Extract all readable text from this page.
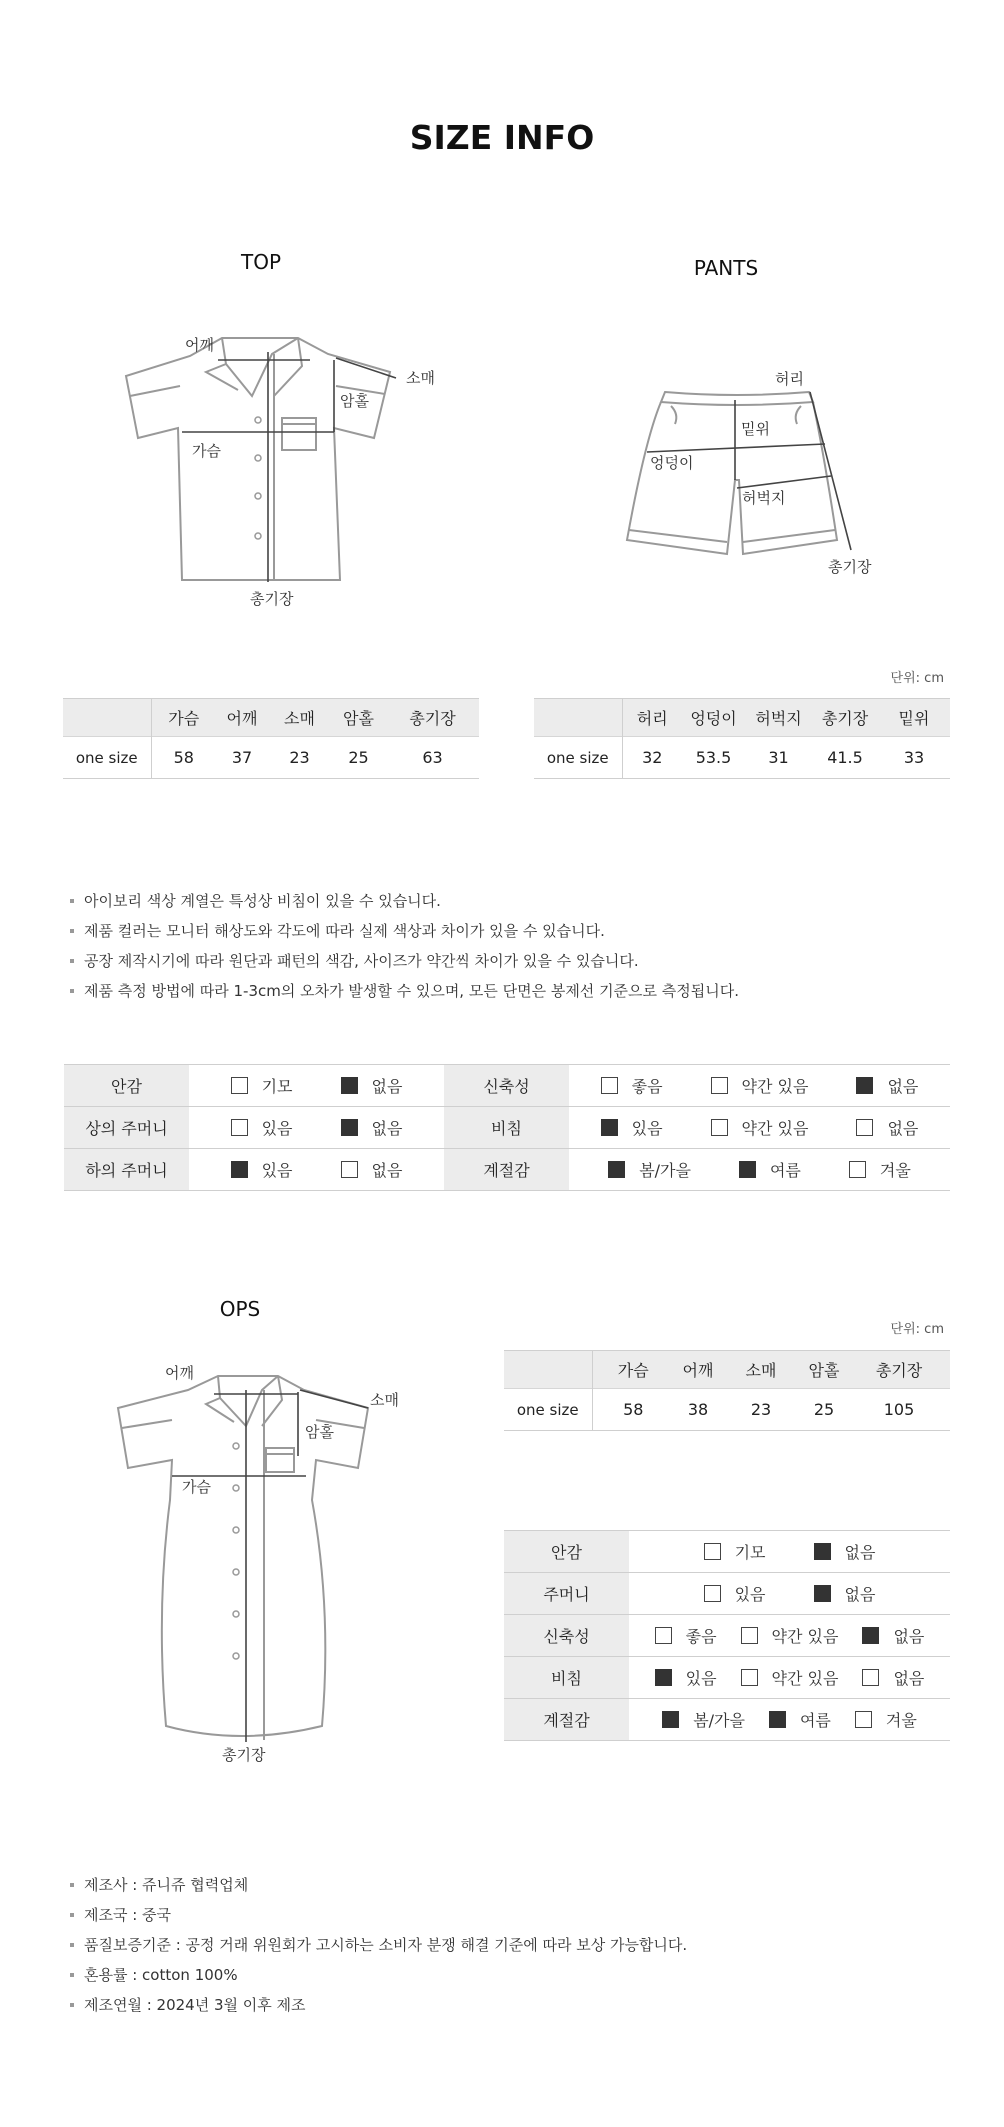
SIZE INFO
TOP	PANTS
어깨
소매
암홀
가슴
총기장
허리
밑위
엉덩이
허벅지
총기장
단위: cm
	가슴	어깨	소매	암홀	총기장
one size	58	37	23	25	63
	허리	엉덩이	허벅지	총기장	밑위
one size	32	53.5	31	41.5	33
아이보리 색상 계열은 특성상 비침이 있을 수 있습니다.
제품 컬러는 모니터 해상도와 각도에 따라 실제 색상과 차이가 있을 수 있습니다.
공장 제작시기에 따라 원단과 패턴의 색감, 사이즈가 약간씩 차이가 있을 수 있습니다.
제품 측정 방법에 따라 1-3cm의 오차가 발생할 수 있으며, 모든 단면은 봉제선 기준으로 측정됩니다.
안감	기모 없음	신축성	좋음 약간 있음 없음

상의 주머니	있음 없음	비침	있음 약간 있음 없음

하의 주머니	있음 없음	계절감	봄/가을 여름 겨울
OPS
단위: cm
어깨
소매
암홀
가슴
총기장
	가슴	어깨	소매	암홀	총기장
one size	58	38	23	25	105
안감	기모 없음

주머니	있음 없음

신축성	좋음 약간 있음 없음

비침	있음 약간 있음 없음

계절감	봄/가을 여름 겨울
제조사 : 쥬니쥬 협력업체
제조국 : 중국
품질보증기준 : 공정 거래 위원회가 고시하는 소비자 분쟁 해결 기준에 따라 보상 가능합니다.
혼용률 : cotton 100%
제조연월 : 2024년 3월 이후 제조
